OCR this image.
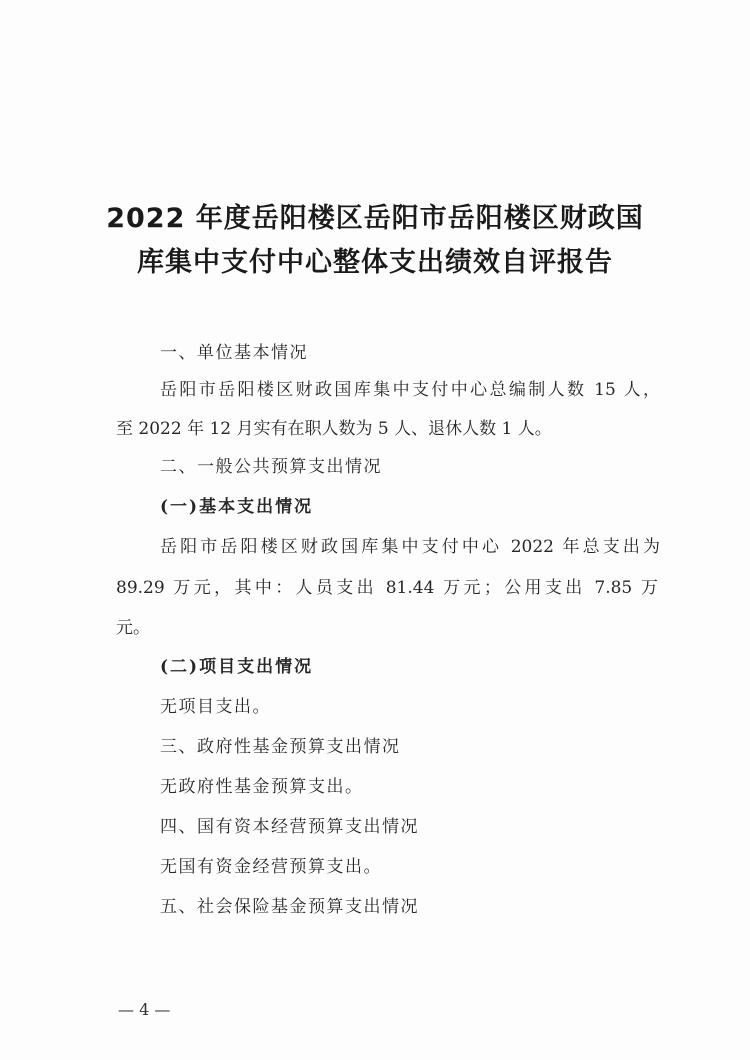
2022 年度岳阳楼区岳阳市岳阳楼区财政国
库集中支付中心整体支出绩效自评报告
一、单位基本情况
岳阳市岳阳楼区财政国库集中支付中心总编制人数 15 人，
至 2022 年 12 月实有在职人数为 5 人、退休人数 1 人。
二、一般公共预算支出情况
(一)基本支出情况
岳阳市岳阳楼区财政国库集中支付中心 2022 年总支出为
89.29 万元，其中：人员支出 81.44 万元；公用支出 7.85 万
元。
(二)项目支出情况
无项目支出。
三、政府性基金预算支出情况
无政府性基金预算支出。
四、国有资本经营预算支出情况
无国有资金经营预算支出。
五、社会保险基金预算支出情况
— 4 —
